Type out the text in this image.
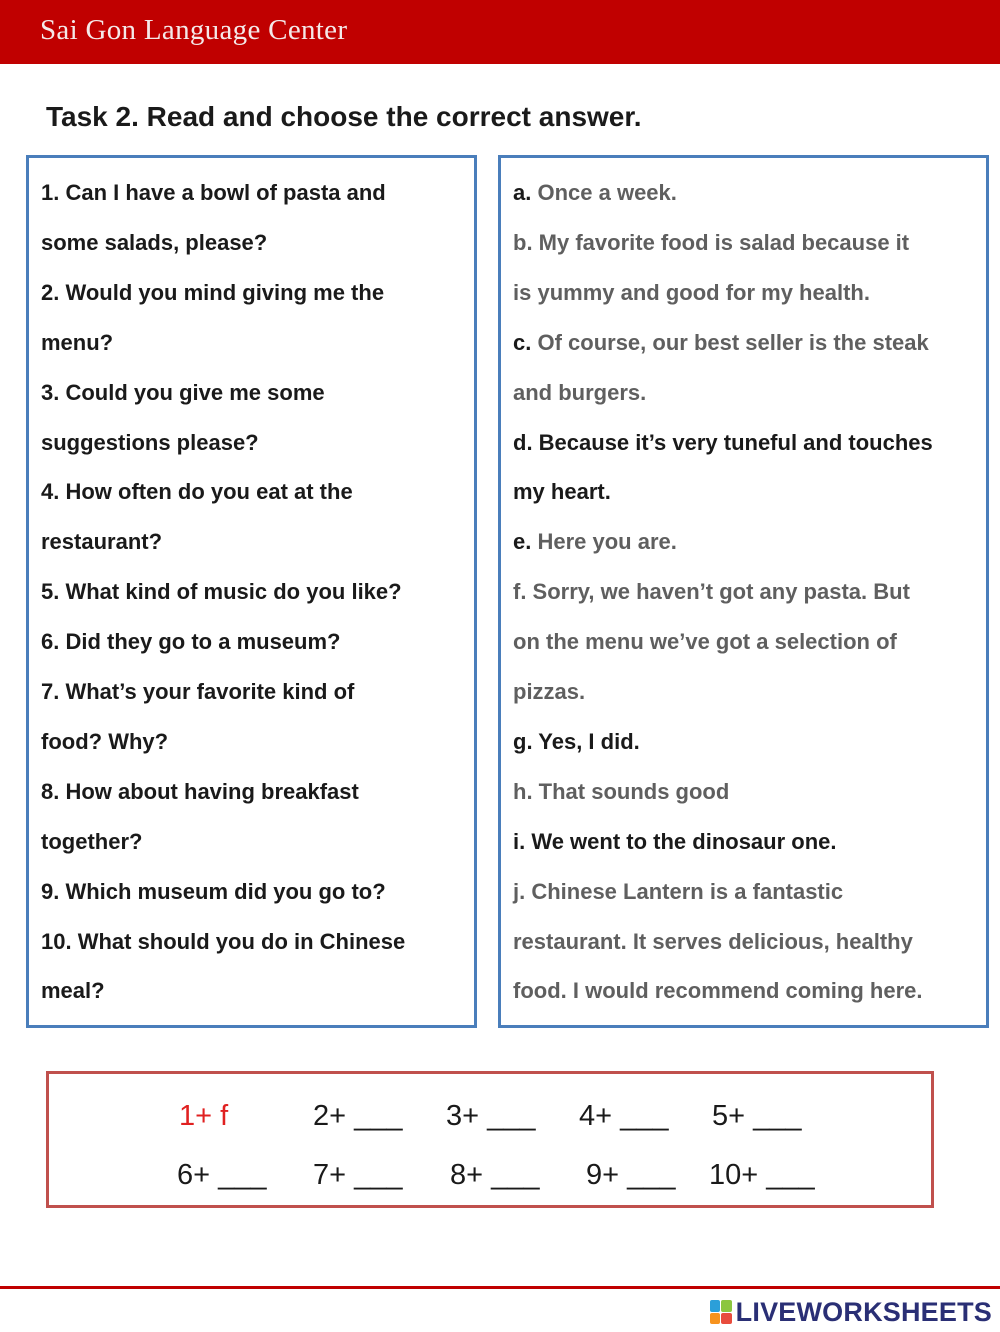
Sai Gon Language Center
Task 2. Read and choose the correct answer.
1. Can I have a bowl of pasta and
some salads, please?
2. Would you mind giving me the
menu?
3. Could you give me some
suggestions please?
4. How often do you eat at the
restaurant?
5. What kind of music do you like?
6. Did they go to a museum?
7. What’s your favorite kind of
food? Why?
8. How about having breakfast
together?
9. Which museum did you go to?
10. What should you do in Chinese
meal?
a. Once a week.
b. My favorite food is salad because it
is yummy and good for my health.
c. Of course, our best seller is the steak
and burgers.
d. Because it’s very tuneful and touches
my heart.
e. Here you are.
f. Sorry, we haven’t got any pasta. But
on the menu we’ve got a selection of
pizzas.
g. Yes, I did.
h. That sounds good
i. We went to the dinosaur one.
j. Chinese Lantern is a fantastic
restaurant. It serves delicious, healthy
food. I would recommend coming here.
1+ f	2+ ___ 3+ ___ 4+ ___ 5+ ___
6+ ___ 7+ ___ 8+ ___ 9+ ___ 10+ ___
LIVEWORKSHEETS
